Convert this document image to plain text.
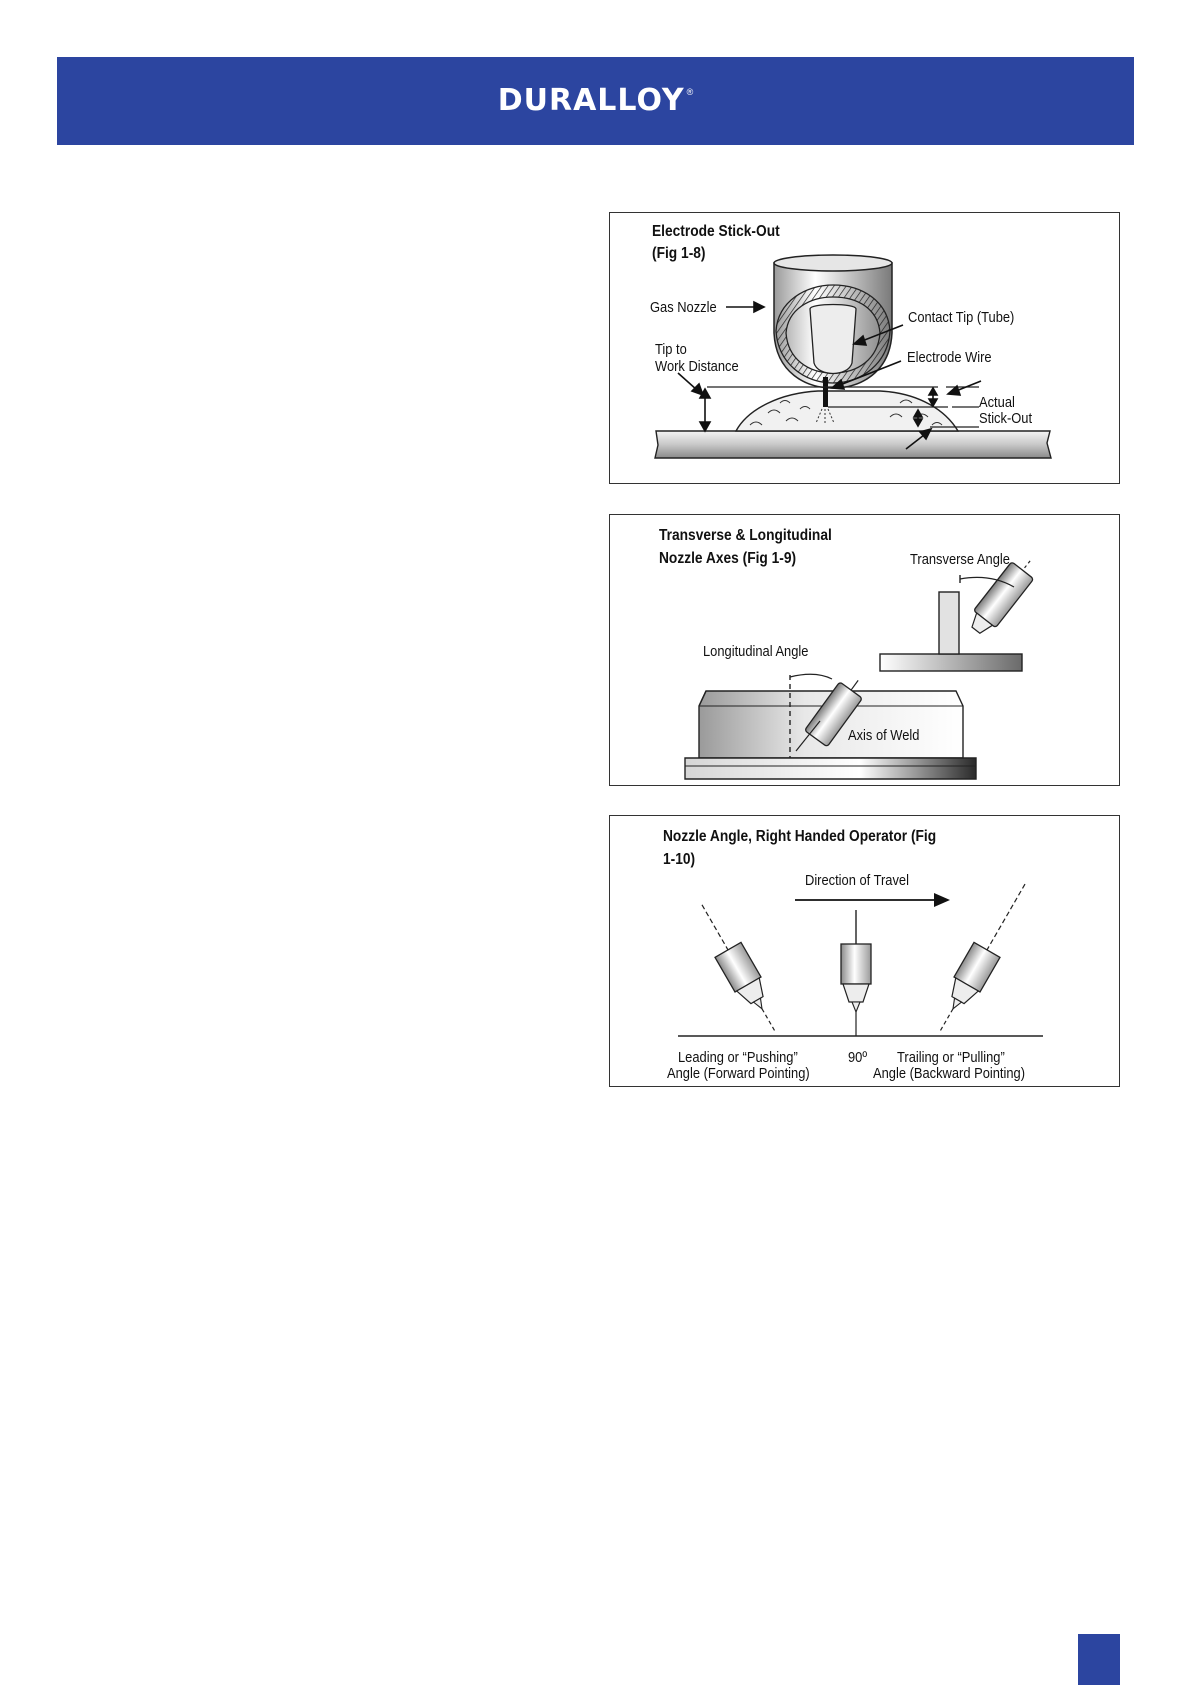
DURALLOY ®
Electrode Stick-Out
(Fig 1-8)
Gas Nozzle
Contact Tip (Tube)
Tip to
Work Distance
Electrode Wire
Actual
Stick-Out
Transverse & Longitudinal
Nozzle Axes (Fig 1-9)	Transverse Angle
Longitudinal Angle
Axis of Weld
Nozzle Angle, Right Handed Operator (Fig
1-10)
Direction of Travel
Leading or “Pushing”
Angle (Forward Pointing)
90º Trailing or “Pulling”
Angle (Backward Pointing)
